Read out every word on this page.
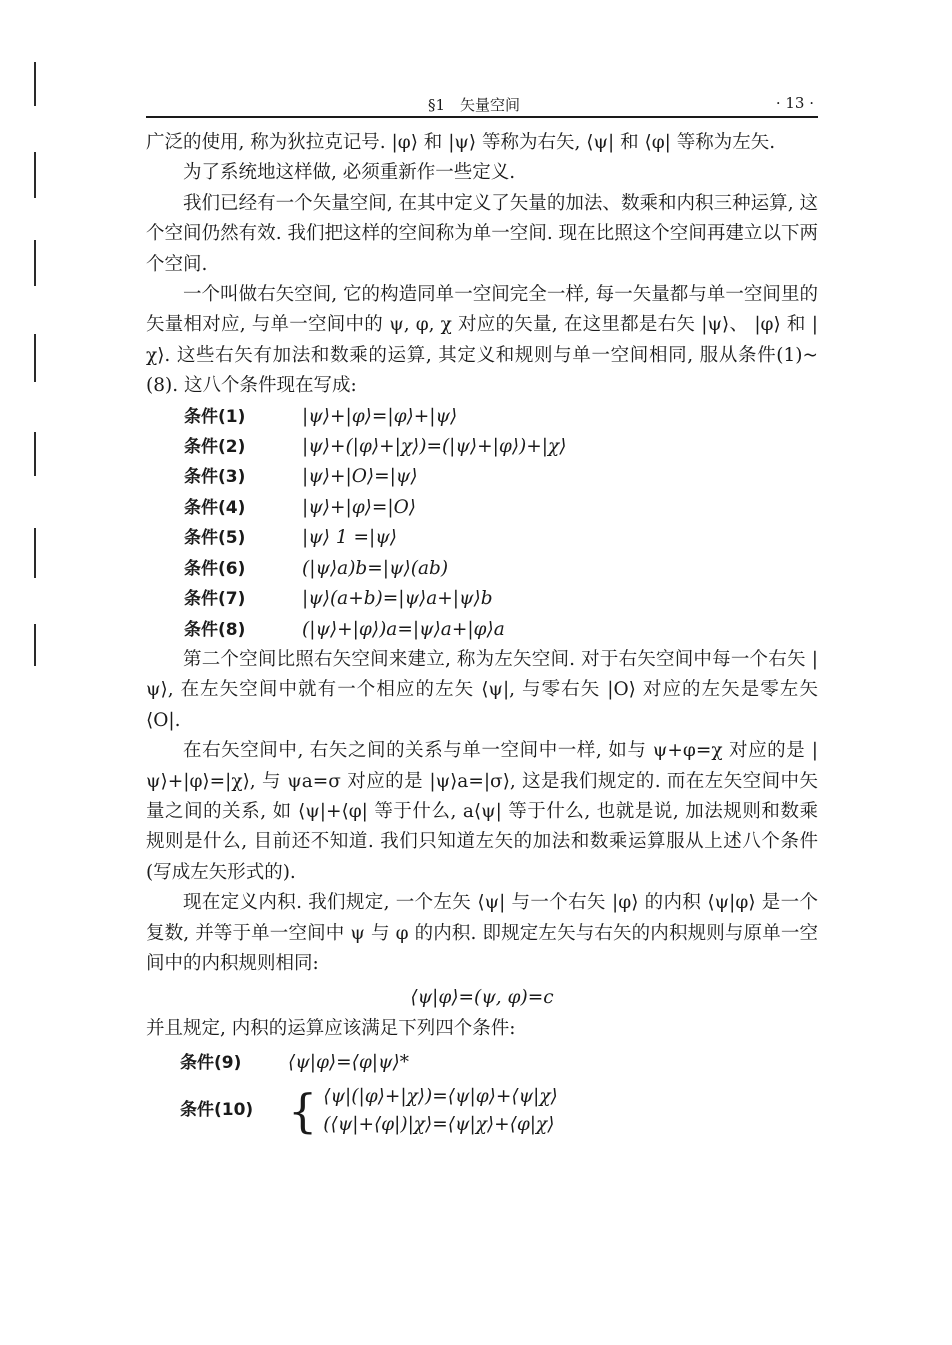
§1　矢量空间	· 13 ·

广泛的使用, 称为狄拉克记号. |φ⟩ 和 |ψ⟩ 等称为右矢, ⟨ψ| 和 ⟨φ| 等称为左矢.

为了系统地这样做, 必须重新作一些定义.

我们已经有一个矢量空间, 在其中定义了矢量的加法、数乘和内积三种运算, 这个空间仍然有效. 我们把这样的空间称为单一空间. 现在比照这个空间再建立以下两个空间.

一个叫做右矢空间, 它的构造同单一空间完全一样, 每一矢量都与单一空间里的矢量相对应, 与单一空间中的 ψ, φ, χ 对应的矢量, 在这里都是右矢 |ψ⟩、 |φ⟩ 和 |χ⟩. 这些右矢有加法和数乘的运算, 其定义和规则与单一空间相同, 服从条件(1)~(8). 这八个条件现在写成:

条件(1)	|ψ⟩+|φ⟩=|φ⟩+|ψ⟩
条件(2)	|ψ⟩+(|φ⟩+|χ⟩)=(|ψ⟩+|φ⟩)+|χ⟩
条件(3)	|ψ⟩+|O⟩=|ψ⟩
条件(4)	|ψ⟩+|φ⟩=|O⟩
条件(5)	|ψ⟩ 1 =|ψ⟩
条件(6)	(|ψ⟩a)b=|ψ⟩(ab)
条件(7)	|ψ⟩(a+b)=|ψ⟩a+|ψ⟩b
条件(8)	(|ψ⟩+|φ⟩)a=|ψ⟩a+|φ⟩a

第二个空间比照右矢空间来建立, 称为左矢空间. 对于右矢空间中每一个右矢 |ψ⟩, 在左矢空间中就有一个相应的左矢 ⟨ψ|, 与零右矢 |O⟩ 对应的左矢是零左矢 ⟨O|.

在右矢空间中, 右矢之间的关系与单一空间中一样, 如与 ψ+φ=χ 对应的是 |ψ⟩+|φ⟩=|χ⟩, 与 ψa=σ 对应的是 |ψ⟩a=|σ⟩, 这是我们规定的. 而在左矢空间中矢量之间的关系, 如 ⟨ψ|+⟨φ| 等于什么, a⟨ψ| 等于什么, 也就是说, 加法规则和数乘规则是什么, 目前还不知道. 我们只知道左矢的加法和数乘运算服从上述八个条件(写成左矢形式的).

现在定义内积. 我们规定, 一个左矢 ⟨ψ| 与一个右矢 |φ⟩ 的内积 ⟨ψ|φ⟩ 是一个复数, 并等于单一空间中 ψ 与 φ 的内积. 即规定左矢与右矢的内积规则与原单一空间中的内积规则相同:

⟨ψ|φ⟩=(ψ, φ)=c

并且规定, 内积的运算应该满足下列四个条件:

条件(9)	⟨ψ|φ⟩=⟨φ|ψ⟩*
条件(10) { ⟨ψ|(|φ⟩+|χ⟩)=⟨ψ|φ⟩+⟨ψ|χ⟩
(⟨ψ|+⟨φ|)|χ⟩=⟨ψ|χ⟩+⟨φ|χ⟩
